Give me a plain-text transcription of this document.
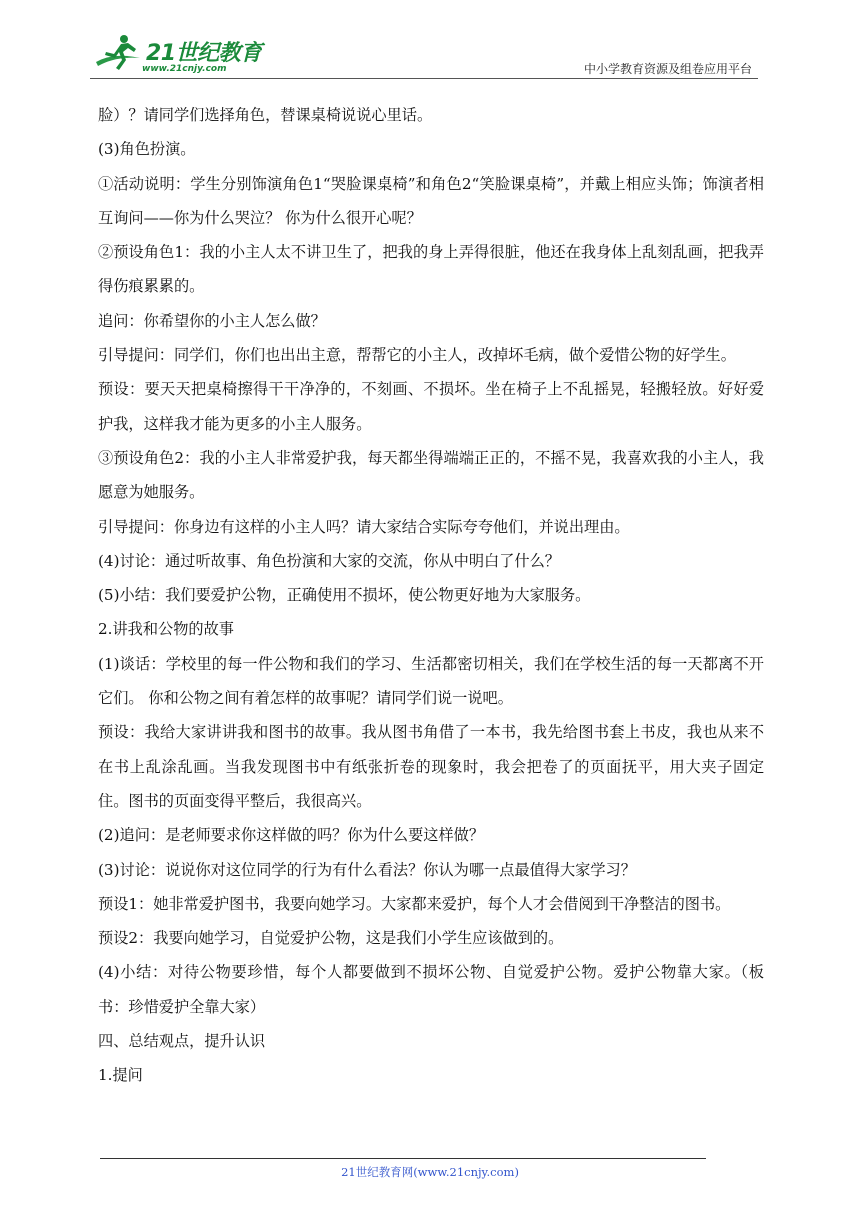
21世纪教育
www.21cnjy.com	中小学教育资源及组卷应用平台

脸）？请同学们选择角色，替课桌椅说说心里话。

(3)角色扮演。

①活动说明：学生分别饰演角色1“哭脸课桌椅”和角色2“笑脸课桌椅”，并戴上相应头饰；饰演者相互询问——你为什么哭泣？ 你为什么很开心呢？

②预设角色1：我的小主人太不讲卫生了，把我的身上弄得很脏，他还在我身体上乱刻乱画，把我弄得伤痕累累的。

追问：你希望你的小主人怎么做？

引导提问：同学们，你们也出出主意，帮帮它的小主人，改掉坏毛病，做个爱惜公物的好学生。

预设：要天天把桌椅擦得干干净净的，不刻画、不损坏。坐在椅子上不乱摇晃，轻搬轻放。好好爱护我，这样我才能为更多的小主人服务。

③预设角色2：我的小主人非常爱护我，每天都坐得端端正正的，不摇不晃，我喜欢我的小主人，我愿意为她服务。

引导提问：你身边有这样的小主人吗？请大家结合实际夸夸他们，并说出理由。

(4)讨论：通过听故事、角色扮演和大家的交流，你从中明白了什么？

(5)小结：我们要爱护公物，正确使用不损坏，使公物更好地为大家服务。

2.讲我和公物的故事

(1)谈话：学校里的每一件公物和我们的学习、生活都密切相关，我们在学校生活的每一天都离不开它们。 你和公物之间有着怎样的故事呢？请同学们说一说吧。

预设：我给大家讲讲我和图书的故事。我从图书角借了一本书，我先给图书套上书皮，我也从来不在书上乱涂乱画。当我发现图书中有纸张折卷的现象时，我会把卷了的页面抚平，用大夹子固定住。图书的页面变得平整后，我很高兴。

(2)追问：是老师要求你这样做的吗？你为什么要这样做？

(3)讨论：说说你对这位同学的行为有什么看法？你认为哪一点最值得大家学习？

预设1：她非常爱护图书，我要向她学习。大家都来爱护，每个人才会借阅到干净整洁的图书。

预设2：我要向她学习，自觉爱护公物，这是我们小学生应该做到的。

(4)小结：对待公物要珍惜，每个人都要做到不损坏公物、自觉爱护公物。爱护公物靠大家。（板书：珍惜爱护全靠大家）

四、总结观点，提升认识

1.提问

21世纪教育网(www.21cnjy.com)
